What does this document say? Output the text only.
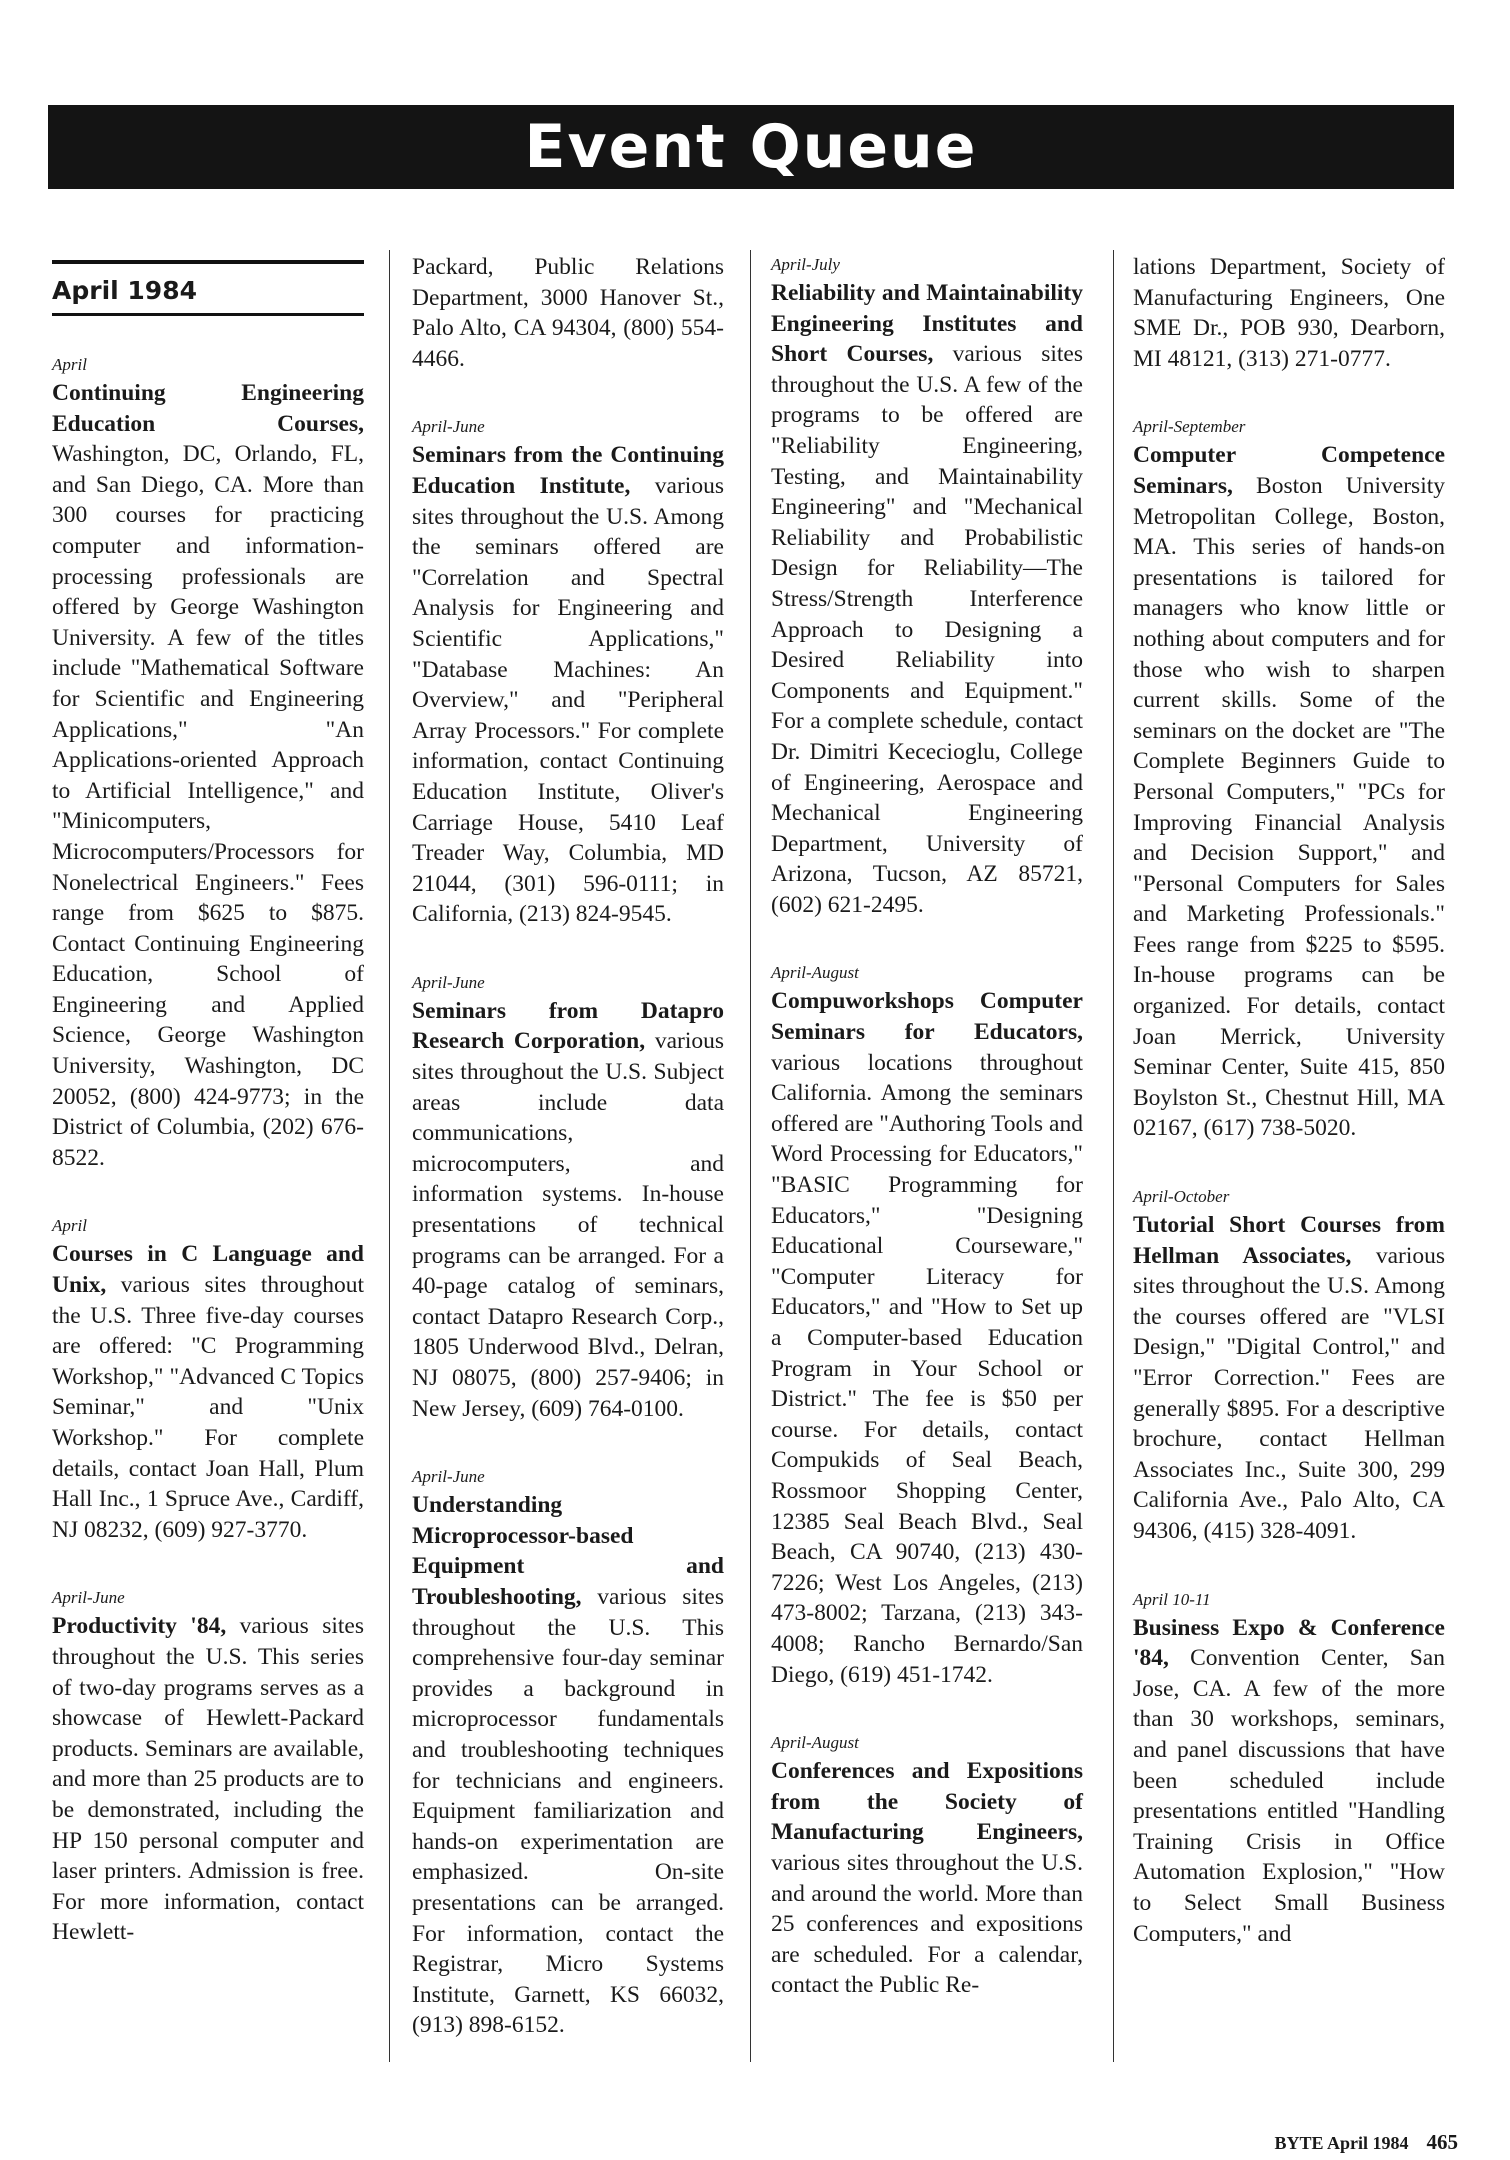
Event Queue
April 1984
April
Continuing Engineering Education Courses, Washington, DC, Orlando, FL, and San Diego, CA. More than 300 courses for practicing computer and information-processing professionals are offered by George Washington University. A few of the titles include "Mathematical Software for Scientific and Engineering Applications," "An Applications-oriented Approach to Artificial Intelligence," and "Minicomputers, Microcomputers/Processors for Nonelectrical Engineers." Fees range from $625 to $875. Contact Continuing Engineering Education, School of Engineering and Applied Science, George Washington University, Washington, DC 20052, (800) 424-9773; in the District of Columbia, (202) 676-8522.
April
Courses in C Language and Unix, various sites throughout the U.S. Three five-day courses are offered: "C Programming Workshop," "Advanced C Topics Seminar," and "Unix Workshop." For complete details, contact Joan Hall, Plum Hall Inc., 1 Spruce Ave., Cardiff, NJ 08232, (609) 927-3770.
April-June
Productivity '84, various sites throughout the U.S. This series of two-day programs serves as a showcase of Hewlett-Packard products. Seminars are available, and more than 25 products are to be demonstrated, including the HP 150 personal computer and laser printers. Admission is free. For more information, contact Hewlett-
Packard, Public Relations Department, 3000 Hanover St., Palo Alto, CA 94304, (800) 554-4466.
April-June
Seminars from the Continuing Education Institute, various sites throughout the U.S. Among the seminars offered are "Correlation and Spectral Analysis for Engineering and Scientific Applications," "Database Machines: An Overview," and "Peripheral Array Processors." For complete information, contact Continuing Education Institute, Oliver's Carriage House, 5410 Leaf Treader Way, Columbia, MD 21044, (301) 596-0111; in California, (213) 824-9545.
April-June
Seminars from Datapro Research Corporation, various sites throughout the U.S. Subject areas include data communications, microcomputers, and information systems. In-house presentations of technical programs can be arranged. For a 40-page catalog of seminars, contact Datapro Research Corp., 1805 Underwood Blvd., Delran, NJ 08075, (800) 257-9406; in New Jersey, (609) 764-0100.
April-June
Understanding Microprocessor-based Equipment and Troubleshooting, various sites throughout the U.S. This comprehensive four-day seminar provides a background in microprocessor fundamentals and troubleshooting techniques for technicians and engineers. Equipment familiarization and hands-on experimentation are emphasized. On-site presentations can be arranged. For information, contact the Registrar, Micro Systems Institute, Garnett, KS 66032, (913) 898-6152.
April-July
Reliability and Maintainability Engineering Institutes and Short Courses, various sites throughout the U.S. A few of the programs to be offered are "Reliability Engineering, Testing, and Maintainability Engineering" and "Mechanical Reliability and Probabilistic Design for Reliability—The Stress/Strength Interference Approach to Designing a Desired Reliability into Components and Equipment." For a complete schedule, contact Dr. Dimitri Kececioglu, College of Engineering, Aerospace and Mechanical Engineering Department, University of Arizona, Tucson, AZ 85721, (602) 621-2495.
April-August
Compuworkshops Computer Seminars for Educators, various locations throughout California. Among the seminars offered are "Authoring Tools and Word Processing for Educators," "BASIC Programming for Educators," "Designing Educational Courseware," "Computer Literacy for Educators," and "How to Set up a Computer-based Education Program in Your School or District." The fee is $50 per course. For details, contact Compukids of Seal Beach, Rossmoor Shopping Center, 12385 Seal Beach Blvd., Seal Beach, CA 90740, (213) 430-7226; West Los Angeles, (213) 473-8002; Tarzana, (213) 343-4008; Rancho Bernardo/San Diego, (619) 451-1742.
April-August
Conferences and Expositions from the Society of Manufacturing Engineers, various sites throughout the U.S. and around the world. More than 25 conferences and expositions are scheduled. For a calendar, contact the Public Re-
lations Department, Society of Manufacturing Engineers, One SME Dr., POB 930, Dearborn, MI 48121, (313) 271-0777.
April-September
Computer Competence Seminars, Boston University Metropolitan College, Boston, MA. This series of hands-on presentations is tailored for managers who know little or nothing about computers and for those who wish to sharpen current skills. Some of the seminars on the docket are "The Complete Beginners Guide to Personal Computers," "PCs for Improving Financial Analysis and Decision Support," and "Personal Computers for Sales and Marketing Professionals." Fees range from $225 to $595. In-house programs can be organized. For details, contact Joan Merrick, University Seminar Center, Suite 415, 850 Boylston St., Chestnut Hill, MA 02167, (617) 738-5020.
April-October
Tutorial Short Courses from Hellman Associates, various sites throughout the U.S. Among the courses offered are "VLSI Design," "Digital Control," and "Error Correction." Fees are generally $895. For a descriptive brochure, contact Hellman Associates Inc., Suite 300, 299 California Ave., Palo Alto, CA 94306, (415) 328-4091.
April 10-11
Business Expo & Conference '84, Convention Center, San Jose, CA. A few of the more than 30 workshops, seminars, and panel discussions that have been scheduled include presentations entitled "Handling Training Crisis in Office Automation Explosion," "How to Select Small Business Computers," and
BYTE April 1984 465
